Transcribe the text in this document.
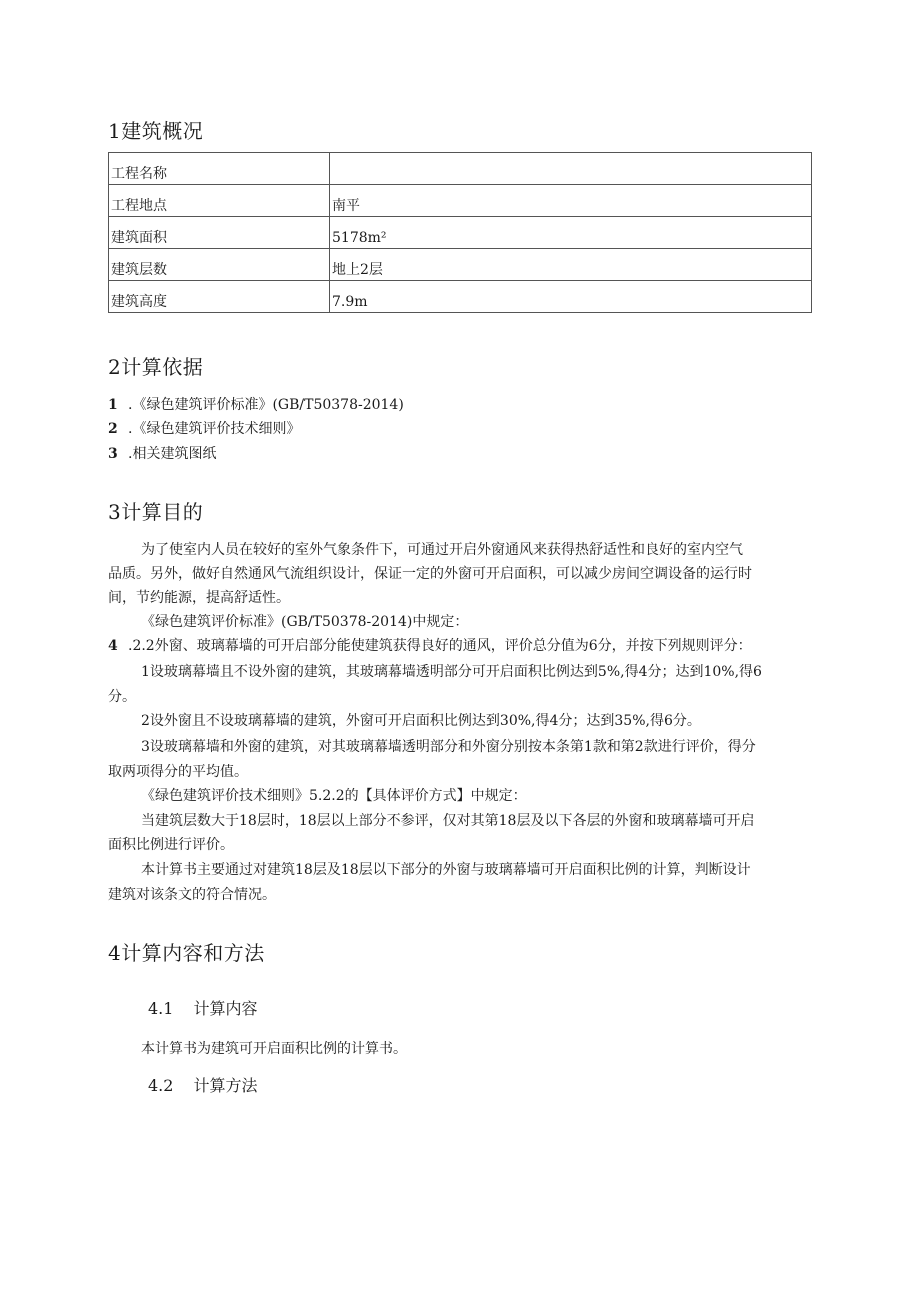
1建筑概况
工程名称	
工程地点	南平
建筑面积	5178m²
建筑层数	地上2层
建筑高度	7.9m
2计算依据
1 .《绿色建筑评价标准》(GB/T50378-2014)
2 .《绿色建筑评价技术细则》
3 .相关建筑图纸
3计算目的
为了使室内人员在较好的室外气象条件下，可通过开启外窗通风来获得热舒适性和良好的室内空气
品质。另外，做好自然通风气流组织设计，保证一定的外窗可开启面积，可以减少房间空调设备的运行时
间，节约能源，提高舒适性。
《绿色建筑评价标准》(GB/T50378-2014)中规定：
4 .2.2外窗、玻璃幕墙的可开启部分能使建筑获得良好的通风，评价总分值为6分，并按下列规则评分：
1设玻璃幕墙且不设外窗的建筑，其玻璃幕墙透明部分可开启面积比例达到5%,得4分；达到10%,得6
分。
2设外窗且不设玻璃幕墙的建筑，外窗可开启面积比例达到30%,得4分；达到35%,得6分。
3设玻璃幕墙和外窗的建筑，对其玻璃幕墙透明部分和外窗分别按本条第1款和第2款进行评价，得分
取两项得分的平均值。
《绿色建筑评价技术细则》5.2.2的【具体评价方式】中规定：
当建筑层数大于18层时，18层以上部分不参评，仅对其第18层及以下各层的外窗和玻璃幕墙可开启
面积比例进行评价。
本计算书主要通过对建筑18层及18层以下部分的外窗与玻璃幕墙可开启面积比例的计算，判断设计
建筑对该条文的符合情况。
4计算内容和方法
4.1 计算内容
本计算书为建筑可开启面积比例的计算书。
4.2 计算方法
